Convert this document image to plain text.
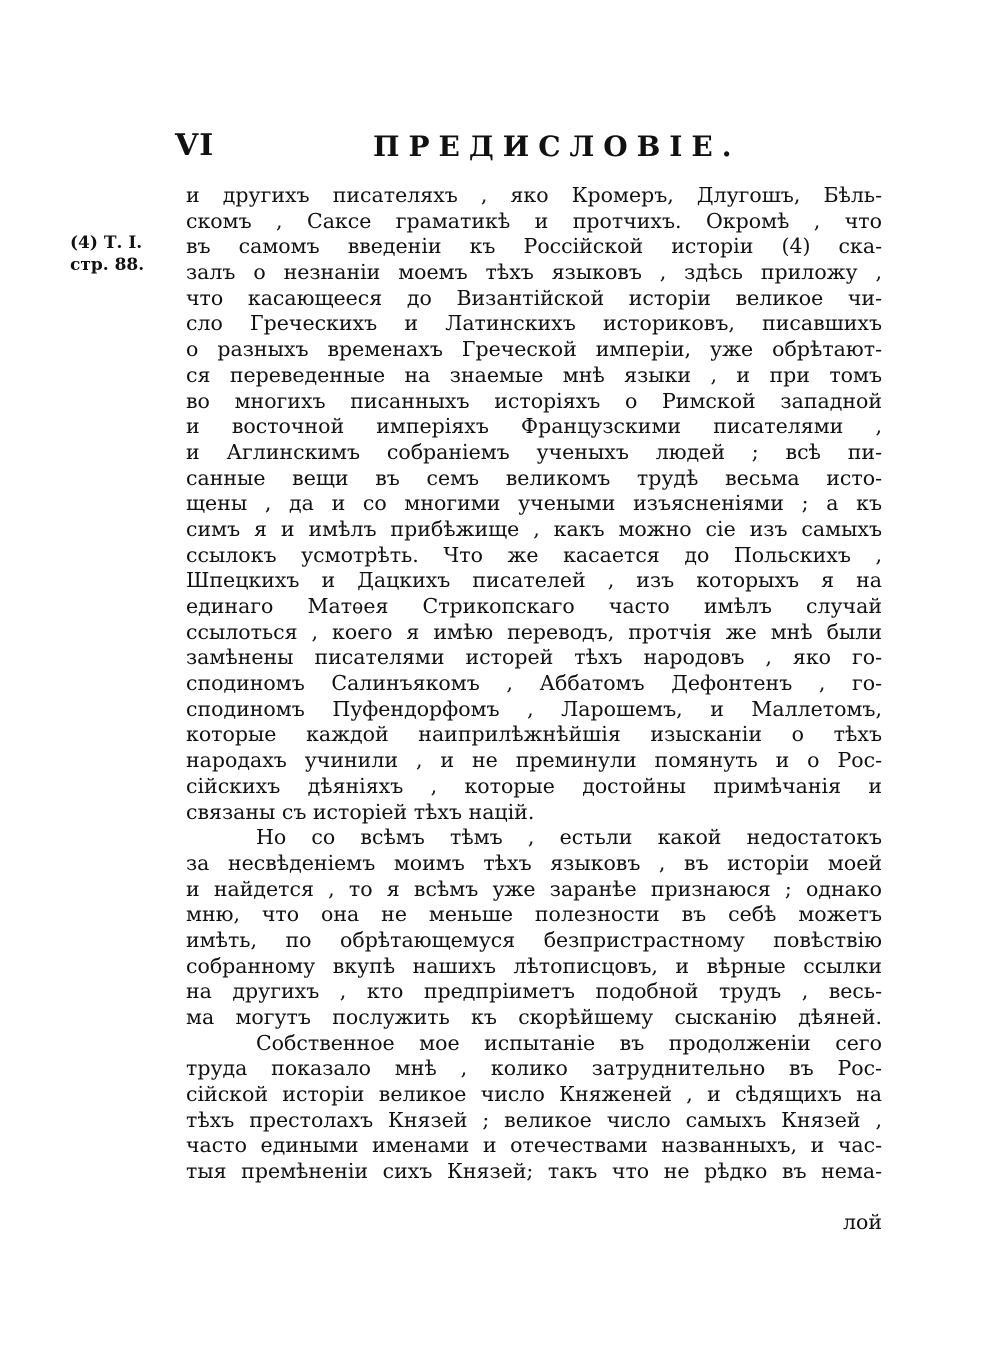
VI	ПРЕДИСЛОВІЕ.
(4) Т. I.
стр. 88.
и другихъ писателяхъ , яко Кромеръ, Длугошъ, Бѣль-
скомъ , Саксе граматикѣ и протчихъ. Окромѣ , что
въ самомъ введеніи къ Россійской исторіи (4) ска-
залъ о незнаніи моемъ тѣхъ языковъ , здѣсь приложу ,
что касающееся до Византійской исторіи великое чи-
сло Греческихъ и Латинскихъ историковъ, писавшихъ
о разныхъ временахъ Греческой имперіи, уже обрѣтают-
ся переведенные на знаемые мнѣ языки , и при томъ
во многихъ писанныхъ исторіяхъ о Римской западной
и восточной имперіяхъ Французскими писателями ,
и Аглинскимъ собраніемъ ученыхъ людей ; всѣ пи-
санные вещи въ семъ великомъ трудѣ весьма исто-
щены , да и со многими учеными изъясненіями ; а къ
симъ я и имѣлъ прибѣжище , какъ можно сіе изъ самыхъ
ссылокъ усмотрѣть. Что же касается до Польскихъ ,
Шпецкихъ и Дацкихъ писателей , изъ которыхъ я на
единаго Матѳея Стрикопскаго часто имѣлъ случай
ссылоться , коего я имѣю переводъ, протчія же мнѣ были
замѣнены писателями исторей тѣхъ народовъ , яко го-
сподиномъ Салинъякомъ , Аббатомъ Дефонтенъ , го-
сподиномъ Пуфендорфомъ , Ларошемъ, и Маллетомъ,
которые каждой наиприлѣжнѣйшія изысканіи о тѣхъ
народахъ учинили , и не преминули помянуть и о Рос-
сійскихъ дѣяніяхъ , которые достойны примѣчанія и
связаны съ исторіей тѣхъ націй.
Но со всѣмъ тѣмъ , естьли какой недостатокъ
за несвѣденіемъ моимъ тѣхъ языковъ , въ исторіи моей
и найдется , то я всѣмъ уже заранѣе признаюся ; однако
мню, что она не меньше полезности въ себѣ можетъ
имѣть, по обрѣтающемуся безпристрастному повѣствію
собранному вкупѣ нашихъ лѣтописцовъ, и вѣрные ссылки
на другихъ , кто предпріиметъ подобной трудъ , весь-
ма могутъ послужить къ скорѣйшему сысканію дѣяней.
Собственное мое испытаніе въ продолженіи сего
труда показало мнѣ , колико затруднительно въ Рос-
сійской исторіи великое число Княженей , и сѣдящихъ на
тѣхъ престолахъ Князей ; великое число самыхъ Князей ,
часто едиными именами и отечествами названныхъ, и час-
тыя премѣненіи сихъ Князей; такъ что не рѣдко въ нема-
лой
